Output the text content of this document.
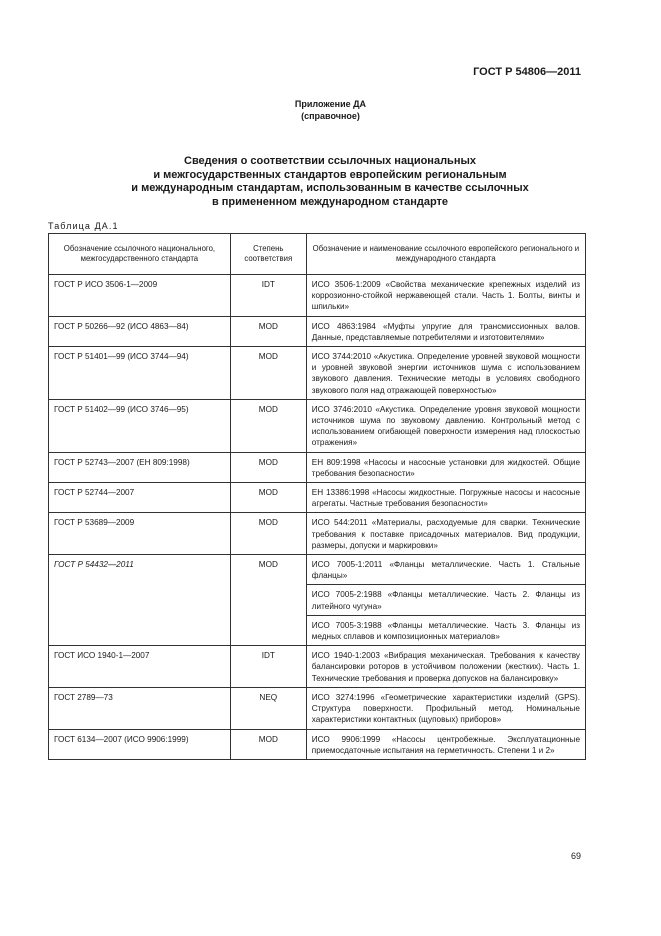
ГОСТ Р 54806—2011
Приложение ДА
(справочное)
Сведения о соответствии ссылочных национальных
и межгосударственных стандартов европейским региональным
и международным стандартам, использованным в качестве ссылочных
в примененном международном стандарте
Таблица ДА.1
Обозначение ссылочного национального, межгосударственного стандарта	Степень соответствия	Обозначение и наименование ссылочного европейского регионального и международного стандарта
ГОСТ Р ИСО 3506-1—2009	IDT	ИСО 3506-1:2009 «Свойства механические крепежных изделий из коррозионно-стойкой нержавеющей стали. Часть 1. Болты, винты и шпильки»
ГОСТ Р 50266—92 (ИСО 4863—84)	MOD	ИСО 4863:1984 «Муфты упругие для трансмиссионных валов. Данные, представляемые потребителями и изготовителями»
ГОСТ Р 51401—99 (ИСО 3744—94)	MOD	ИСО 3744:2010 «Акустика. Определение уровней звуковой мощности и уровней звуковой энергии источников шума с использованием звукового давления. Технические методы в условиях свободного звукового поля над отражающей поверхностью»
ГОСТ Р 51402—99 (ИСО 3746—95)	MOD	ИСО 3746:2010 «Акустика. Определение уровня звуковой мощности источников шума по звуковому давлению. Контрольный метод с использованием огибающей поверхности измерения над плоскостью отражения»
ГОСТ Р 52743—2007 (ЕН 809:1998)	MOD	ЕН 809:1998 «Насосы и насосные установки для жидкостей. Общие требования безопасности»
ГОСТ Р 52744—2007	MOD	ЕН 13386:1998 «Насосы жидкостные. Погружные насосы и насосные агрегаты. Частные требования безопасности»
ГОСТ Р 53689—2009	MOD	ИСО 544:2011 «Материалы, расходуемые для сварки. Технические требования к поставке присадочных материалов. Вид продукции, размеры, допуски и маркировки»
ГОСТ Р 54432—2011	MOD	ИСО 7005-1:2011 «Фланцы металлические. Часть 1. Стальные фланцы»
		ИСО 7005-2:1988 «Фланцы металлические. Часть 2. Фланцы из литейного чугуна»
		ИСО 7005-3:1988 «Фланцы металлические. Часть 3. Фланцы из медных сплавов и композиционных материалов»
ГОСТ ИСО 1940-1—2007	IDT	ИСО 1940-1:2003 «Вибрация механическая. Требования к качеству балансировки роторов в устойчивом положении (жестких). Часть 1. Технические требования и проверка допусков на балансировку»
ГОСТ 2789—73	NEQ	ИСО 3274:1996 «Геометрические характеристики изделий (GPS). Структура поверхности. Профильный метод. Номинальные характеристики контактных (щуповых) приборов»
ГОСТ 6134—2007 (ИСО 9906:1999)	MOD	ИСО 9906:1999 «Насосы центробежные. Эксплуатационные приемосдаточные испытания на герметичность. Степени 1 и 2»
69
